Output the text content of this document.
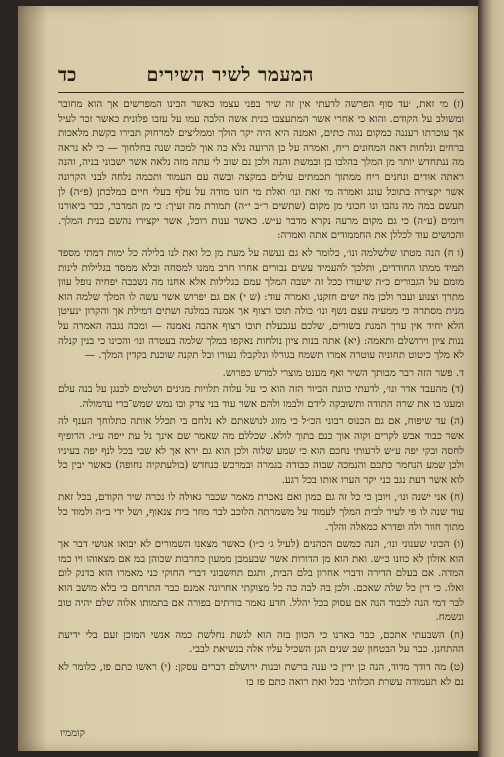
המעמר לשיר השירים
כד

(ז) מי זאת, ׳עד סוף הפרשה לדעתי אין זה שיר בפני עצמו כאשר הבינו המפרשים אך הוא מחובר ומשולב על הקודם. והוא כי אחרי אשר המתעצבו בנית אשה הלבה עמו על עזבו פלונית כאשר זכר לעיל אך עוכרתו רעננה כמקום נגוה כתים, ואמנה היא היה יקר הולך וממליצים למרחוק תבירו בקשת מלאכות ברחים ונלחות דאה המחונים ריח, ואמרה על כן הרועה נלא כה אוך למכה שנה בחלחוך — כי לא נראה מה ננתחדש יותר מן המלך בהלבו בן ובמשת והנה ולכן נם שוב לי עתה מזה נלאה אשר ישבוני בניה, והנה ראתה אודים ונחנים ריח ממתוך תכמתים עולים במקצה ובשה עם העמוד ותכמה נלחה לבני הקרונה אשר יקצירה בתוכל עונג ואמרה מי זאת ונו׳ ואלת מי חזנו מודה על עלף בעלי חיים במלכתן (פ״ה) לן תעשם במה מה נהבו ונו חכוני מן מקום (שתשים ר״ב י״ה) תמורת מה זעיך: כי מן המדבר, כבר ביאורנו ויומים (ע״ה) כי גם מקום מרעה נקרא מדבר ע״ש. כאשר ענות רוכל, אשר יקצירו נהשם בנית המלך. והכושים עוד לכללן את החממודים אתה ואמרה:

(ו ח) הנה מטתו שלשלמה ונו׳, כלומר לא גם נעשה על מעת מן כל זאת לנו בלילה כל ימות דמתי מספד תמיד ממתו החודדים, ותלכך להעמיד עשים נבורים אחרו חרב ממנו למסחה ובלא ממסד בגלילות לינות מומם על הגבורים כ״ה שיעורו ככל זה ישבה המלך עמם בגלילות אלא אחנו מה נשבבה יפחיה נופל עוון מתרך וצנוע ועבר ולכן מה ישים חזקנו, ואמרה עוד: (ש י) אם גם יפרוש אשר עשה לו המלך שלמה הוא מנית מסתרה כי ממעיה עצם נשף ונו׳ כולה תוכו רצוף אך אמנה במלגה ושתים דמילת אך והקרון ינעיטן הלא יחיד אין ערך המנת בשורים, שלכם עגבעלת תוכו רצוף אהבה נאמנה — ומכה נגבה האמרה על ננות ציון וירושלם ותאמה: (יא) אתה בנות ציון נולחות נאקפו במלך שלמה בעטרה ונו׳ והכינו כי בנין קנלה לא מלך כיטוט תחוניה עוטרה אמרו תשמח בגורלו ונלקבלו נעורו ובל תקנה שוכנת בקדין המלך. —

ד. פשר הזה רבר מבותך השיר ואף מענט מוצרי למרש כפרוש.

(ד) מהעבד אדר ונו׳, לדעתי כוונת הביור הזה הוא כי על עלוה תלויות מגינים ושלטים לכנגן על בנה עלם ומעגו בו את שרה התודה ותשובקה לידם ולבמו ולהם אשר עוד בני צדק ובו נמש שמש־ברי עדמולה.

(ה) עד שיפוח, אם גם הכנוס רבוני הכ״ל כי מזוג לנושאתם לא נלחם בי תכלל אותה כתלוחך הענף לה אשר כבוד אבש לקרים וקוה אוך כנם בתוך לולא. שכללם מה שאמר שם אינך נל עת ייפה ע״ו. הרופיף לחסה ובקי יפה ע״ש לרעותי נחכם הוא כי שמע שלוה ולכן הוא גם ירא אך לא שבי בכל לנף יפה בעיניו ולכן שמע הנחמר כתכם והנמכה שבוה כבודה בגמרה ובמרכש כנחדש (בולעתקיה נחופה) באשר יבין כל לוא אשר דעת נגב כני יקר הערו אותו בכל רגע.

(ח) אני ישנה ונו׳, ויובן כי כל זה גם כמון ואם נאכרת מאמר שכבר גאולה לו נכרה שיר הקודם, בכל זאת עוד שנה לו פי לעיר לבית המלך לעמוד על משמרתה הלוכב לבר מוזר בית צנאוף, ושל ידי ב״ה ולמוד כל מתוך חוור ולה ופדרא כמאלה והלך.

(ו) הכוני שענוני ונו׳, הנה כמשם הכהנים (לעיל ג׳ כ״ו) כאשר מצאנו השמורים לא יבואו אנושי דבר אך הוא אזלון לא כוזנו כ״ש. ואת הוא מן הדורות אשר שבעמבן ממעון כחרבות שכוהן במ אם מצאוהו ויו כמו המדה. אם בעלם הדירה ודברי אחרון בלם הבית, ותגם תחשבוני דברי החוקי כני מאמרו הוא בדנק לום ואלו. כי דין כל שלה שאכם. ולכן בה לבה כה כל מצוקתי אחרונה אמנם כבר התרחם כי בלא מושב הוא לבר דמי הנה לכבוד הנה אם עסוק בכל יהלל. חדע נאמר בורתים בפורה אם בתמותו אלוה שלם יהיה טוב ונשמח.

(ח) השבעתי אתכם, כבר בארנו כי הכוון בזה הוא לגשת נחלשת כמה אנשי המוכן זעם בלי ידיעת ההתחנן. כבר על הבטחון שב שנים הגן השכיל עליו אלה בנשיאת לבבי.

(ט) מה דודך מדוד, הנה כן ידין כי ענה ברשת ובנות ירושלם דברים עסקן: (י) ראשו כתם פז, כלומר לא נם לא תעמודה עשרת הכלותי בכל ואת רואה כתם פז בו

קוממיו
